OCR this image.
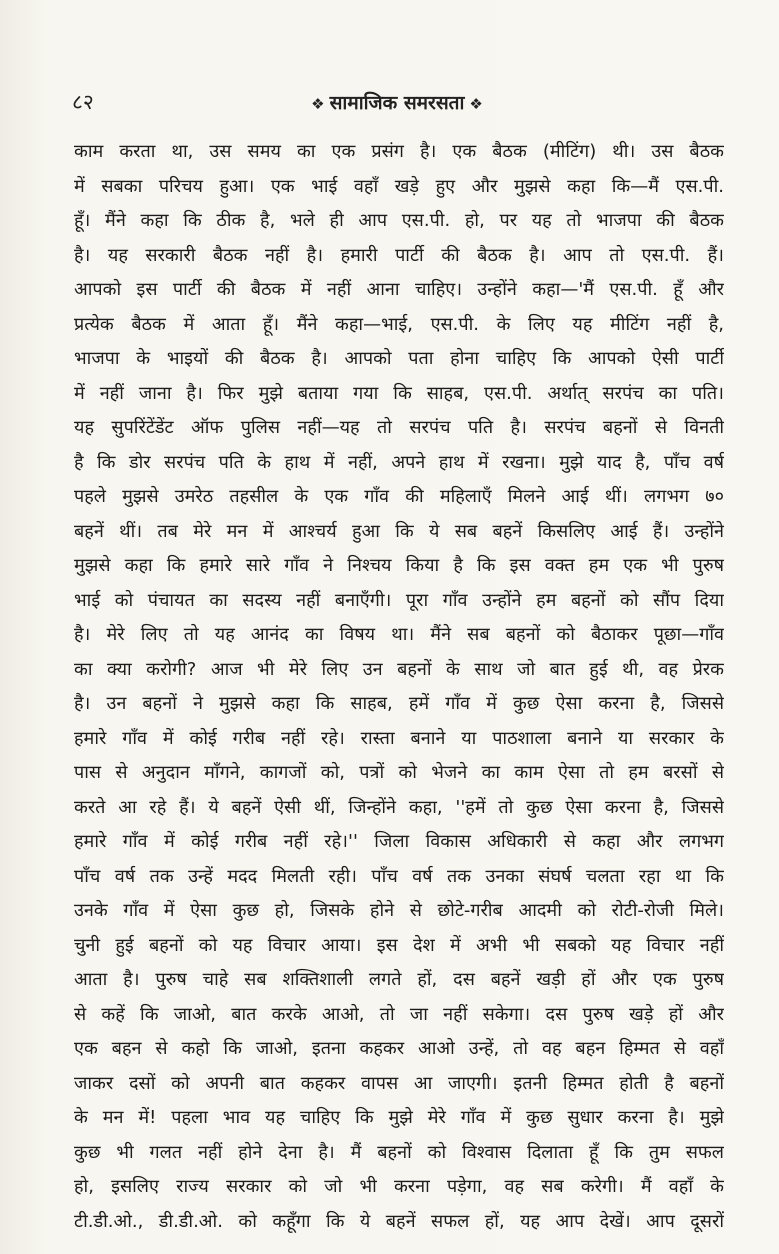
८२	❖ सामाजिक समरसता ❖
काम करता था, उस समय का एक प्रसंग है। एक बैठक (मीटिंग) थी। उस बैठक
में सबका परिचय हुआ। एक भाई वहाँ खड़े हुए और मुझसे कहा कि—मैं एस.पी.
हूँ। मैंने कहा कि ठीक है, भले ही आप एस.पी. हो, पर यह तो भाजपा की बैठक
है। यह सरकारी बैठक नहीं है। हमारी पार्टी की बैठक है। आप तो एस.पी. हैं।
आपको इस पार्टी की बैठक में नहीं आना चाहिए। उन्होंने कहा—'मैं एस.पी. हूँ और
प्रत्येक बैठक में आता हूँ। मैंने कहा—भाई, एस.पी. के लिए यह मीटिंग नहीं है,
भाजपा के भाइयों की बैठक है। आपको पता होना चाहिए कि आपको ऐसी पार्टी
में नहीं जाना है। फिर मुझे बताया गया कि साहब, एस.पी. अर्थात् सरपंच का पति।
यह सुपरिंटेंडेंट ऑफ पुलिस नहीं—यह तो सरपंच पति है। सरपंच बहनों से विनती
है कि डोर सरपंच पति के हाथ में नहीं, अपने हाथ में रखना। मुझे याद है, पाँच वर्ष
पहले मुझसे उमरेठ तहसील के एक गाँव की महिलाएँ मिलने आई थीं। लगभग ७०
बहनें थीं। तब मेरे मन में आश्चर्य हुआ कि ये सब बहनें किसलिए आई हैं। उन्होंने
मुझसे कहा कि हमारे सारे गाँव ने निश्चय किया है कि इस वक्त हम एक भी पुरुष
भाई को पंचायत का सदस्य नहीं बनाएँगी। पूरा गाँव उन्होंने हम बहनों को सौंप दिया
है। मेरे लिए तो यह आनंद का विषय था। मैंने सब बहनों को बैठाकर पूछा—गाँव
का क्या करोगी? आज भी मेरे लिए उन बहनों के साथ जो बात हुई थी, वह प्रेरक
है। उन बहनों ने मुझसे कहा कि साहब, हमें गाँव में कुछ ऐसा करना है, जिससे
हमारे गाँव में कोई गरीब नहीं रहे। रास्ता बनाने या पाठशाला बनाने या सरकार के
पास से अनुदान माँगने, कागजों को, पत्रों को भेजने का काम ऐसा तो हम बरसों से
करते आ रहे हैं। ये बहनें ऐसी थीं, जिन्होंने कहा, ''हमें तो कुछ ऐसा करना है, जिससे
हमारे गाँव में कोई गरीब नहीं रहे।'' जिला विकास अधिकारी से कहा और लगभग
पाँच वर्ष तक उन्हें मदद मिलती रही। पाँच वर्ष तक उनका संघर्ष चलता रहा था कि
उनके गाँव में ऐसा कुछ हो, जिसके होने से छोटे-गरीब आदमी को रोटी-रोजी मिले।
चुनी हुई बहनों को यह विचार आया। इस देश में अभी भी सबको यह विचार नहीं
आता है। पुरुष चाहे सब शक्तिशाली लगते हों, दस बहनें खड़ी हों और एक पुरुष
से कहें कि जाओ, बात करके आओ, तो जा नहीं सकेगा। दस पुरुष खड़े हों और
एक बहन से कहो कि जाओ, इतना कहकर आओ उन्हें, तो वह बहन हिम्मत से वहाँ
जाकर दसों को अपनी बात कहकर वापस आ जाएगी। इतनी हिम्मत होती है बहनों
के मन में! पहला भाव यह चाहिए कि मुझे मेरे गाँव में कुछ सुधार करना है। मुझे
कुछ भी गलत नहीं होने देना है। मैं बहनों को विश्वास दिलाता हूँ कि तुम सफल
हो, इसलिए राज्य सरकार को जो भी करना पड़ेगा, वह सब करेगी। मैं वहाँ के
टी.डी.ओ., डी.डी.ओ. को कहूँगा कि ये बहनें सफल हों, यह आप देखें। आप दूसरों
